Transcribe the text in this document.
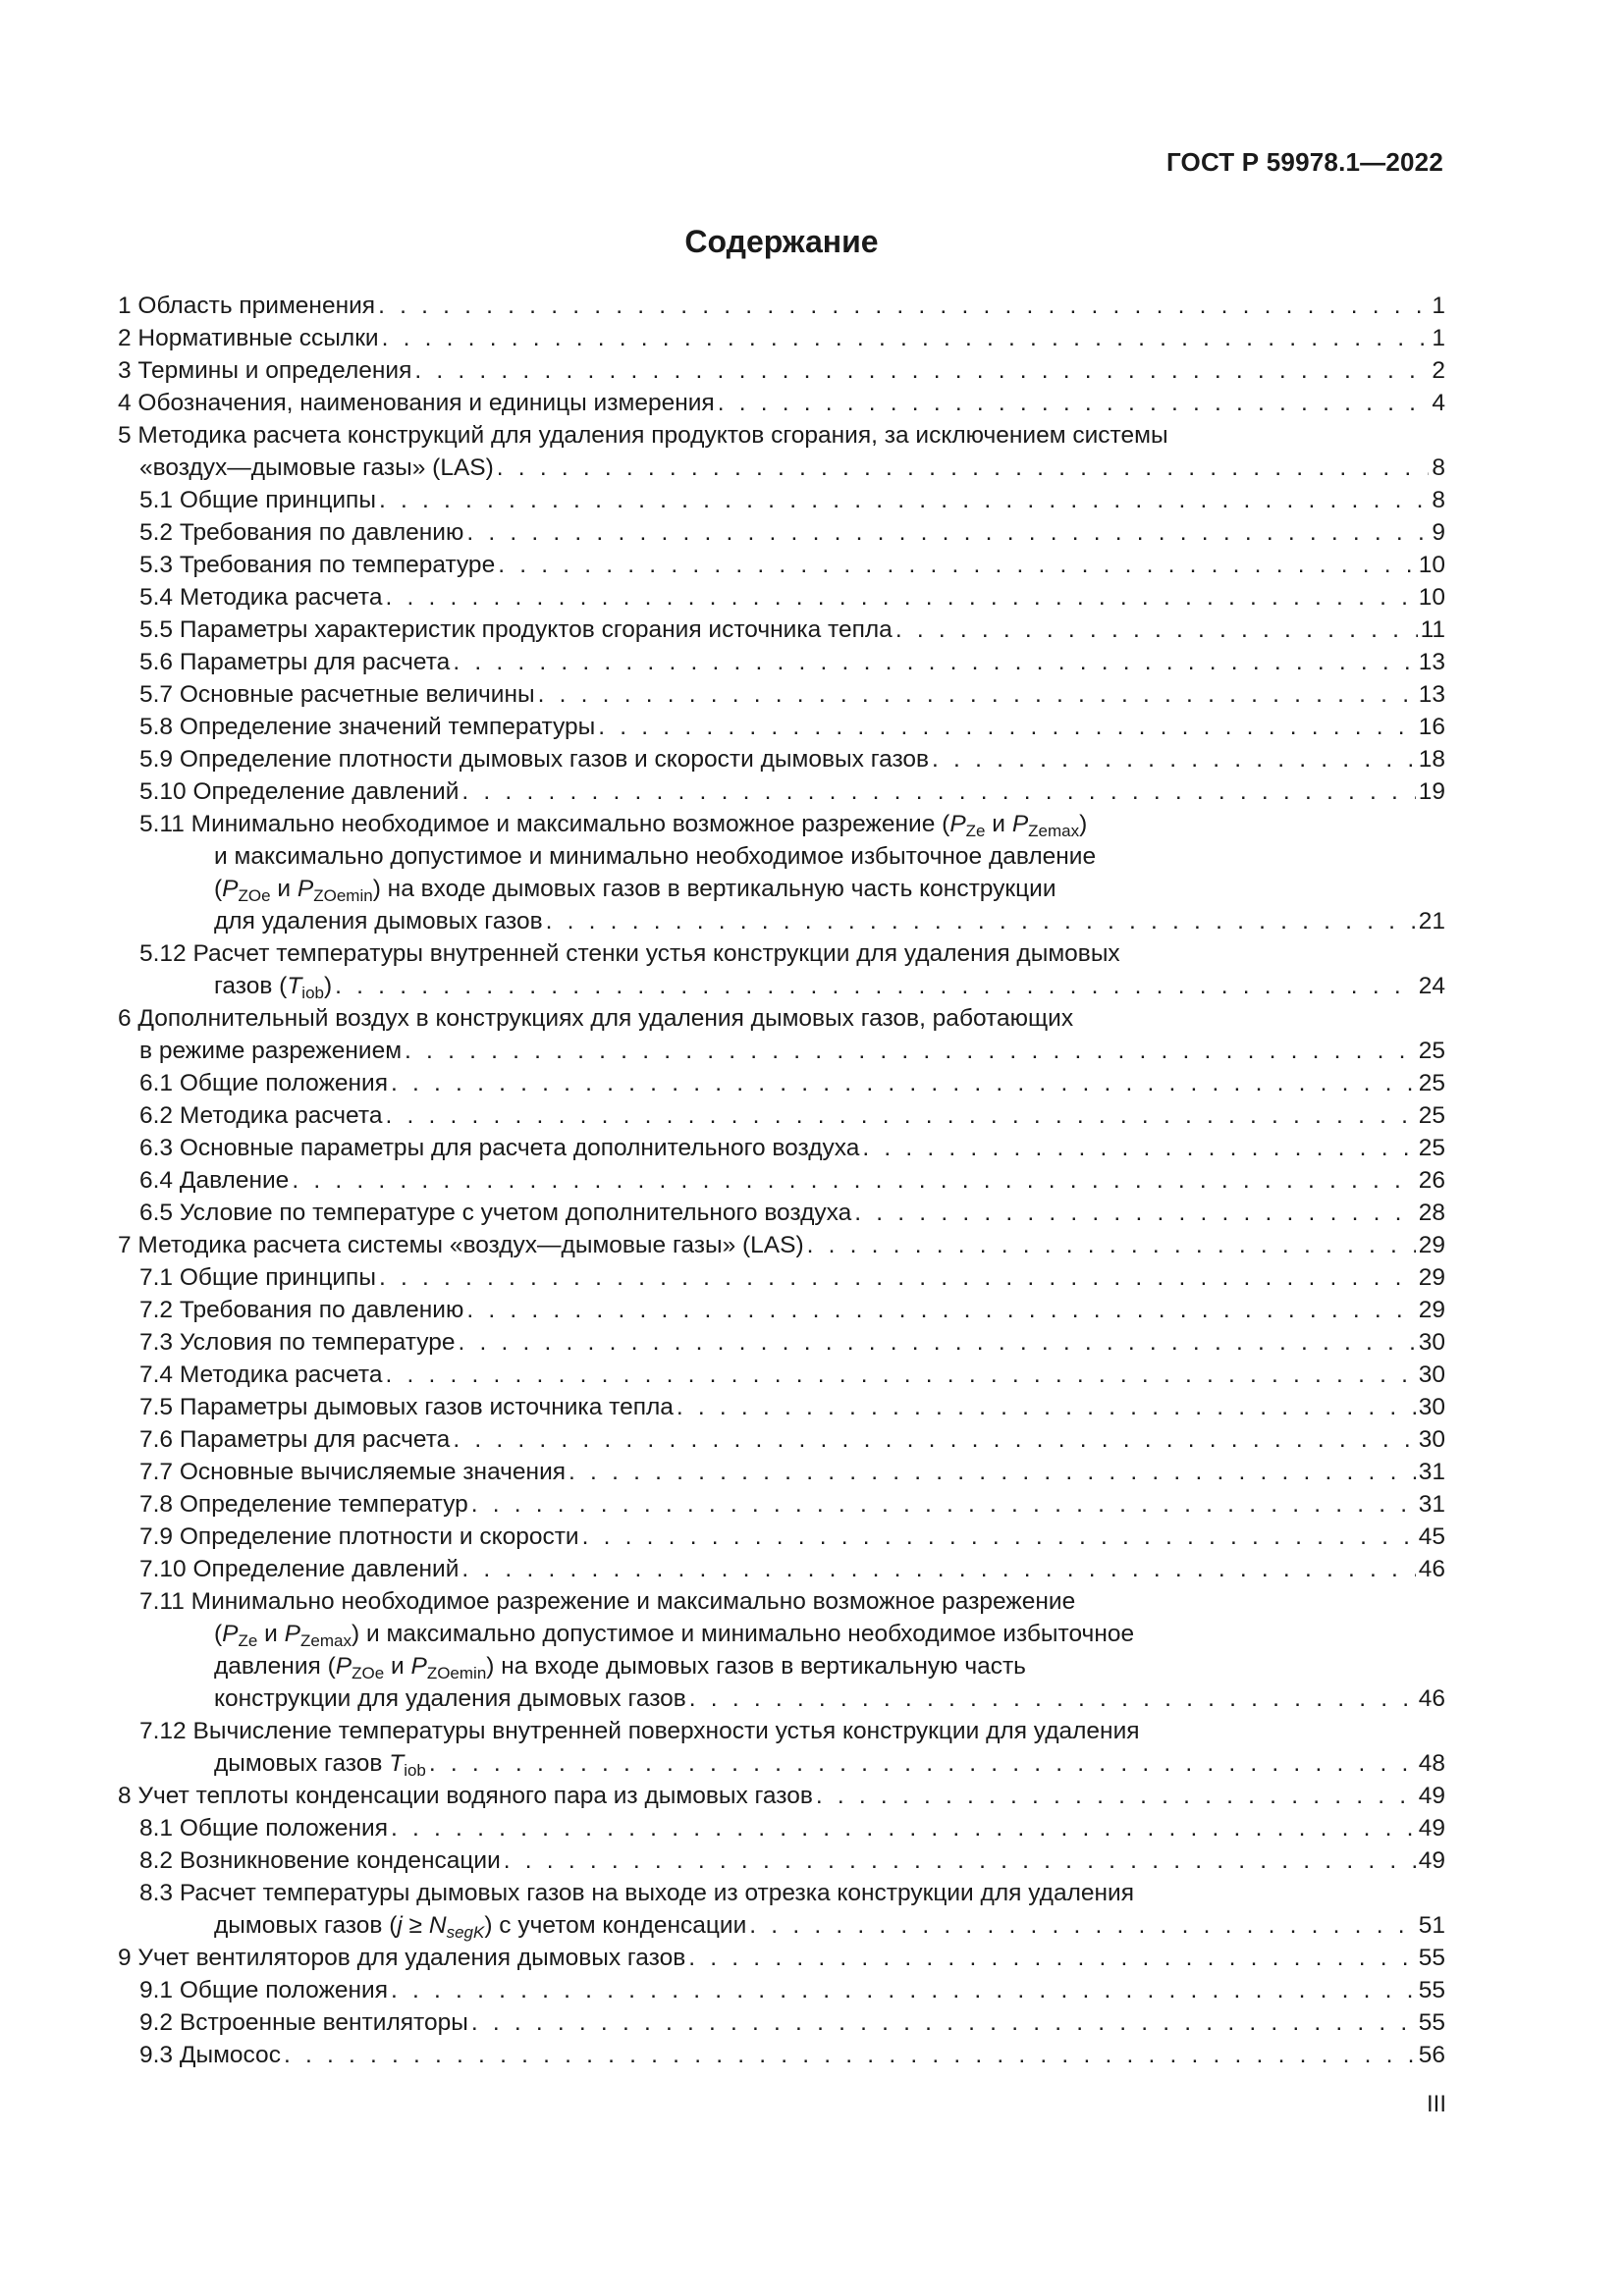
ГОСТ Р 59978.1—2022
Содержание
1 Область применения . . .	1
2 Нормативные ссылки . . .	1
3 Термины и определения . . .	2
4 Обозначения, наименования и единицы измерения . . .	4
5 Методика расчета конструкций для удаления продуктов сгорания, за исключением системы
«воздух—дымовые газы» (LAS) . . .	8
5.1 Общие принципы . . .	8
5.2 Требования по давлению . . .	9
5.3 Требования по температуре . . .	10
5.4 Методика расчета . . .	10
5.5 Параметры характеристик продуктов сгорания источника тепла . . .	11
5.6 Параметры для расчета . . .	13
5.7 Основные расчетные величины . . .	13
5.8 Определение значений температуры . . .	16
5.9 Определение плотности дымовых газов и скорости дымовых газов . . .	18
5.10 Определение давлений . . .	19
5.11 Минимально необходимое и максимально возможное разрежение ($P_{Ze}$ и $P_{Zemax}$)
и максимально допустимое и минимально необходимое избыточное давление
($P_{ZOe}$ и $P_{ZOemin}$) на входе дымовых газов в вертикальную часть конструкции
для удаления дымовых газов . . .	21
5.12 Расчет температуры внутренней стенки устья конструкции для удаления дымовых
газов $(T_{iob})$ . . .	24
6 Дополнительный воздух в конструкциях для удаления дымовых газов, работающих
в режиме разрежением . . .	25
6.1 Общие положения . . .	25
6.2 Методика расчета . . .	25
6.3 Основные параметры для расчета дополнительного воздуха . . .	25
6.4 Давление . . .	26
6.5 Условие по температуре с учетом дополнительного воздуха . . .	28
7 Методика расчета системы «воздух—дымовые газы» (LAS) . . .	29
7.1 Общие принципы . . .	29
7.2 Требования по давлению . . .	29
7.3 Условия по температуре . . .	30
7.4 Методика расчета . . .	30
7.5 Параметры дымовых газов источника тепла . . .	30
7.6 Параметры для расчета . . .	30
7.7 Основные вычисляемые значения . . .	31
7.8 Определение температур . . .	31
7.9 Определение плотности и скорости . . .	45
7.10 Определение давлений . . .	46
7.11 Минимально необходимое разрежение и максимально возможное разрежение
($P_{Ze}$ и $P_{Zemax}$) и максимально допустимое и минимально необходимое избыточное
давления ($P_{ZOe}$ и $P_{ZOemin}$) на входе дымовых газов в вертикальную часть
конструкции для удаления дымовых газов . . .	46
7.12 Вычисление температуры внутренней поверхности устья конструкции для удаления
дымовых газов $T_{iob}$ . . .	48
8 Учет теплоты конденсации водяного пара из дымовых газов . . .	49
8.1 Общие положения . . .	49
8.2 Возникновение конденсации . . .	49
8.3 Расчет температуры дымовых газов на выходе из отрезка конструкции для удаления
дымовых газов $(j \ge N_{segK})$ с учетом конденсации . . .	51
9 Учет вентиляторов для удаления дымовых газов . . .	55
9.1 Общие положения . . .	55
9.2 Встроенные вентиляторы . . .	55
9.3 Дымосос . . .	56
III
